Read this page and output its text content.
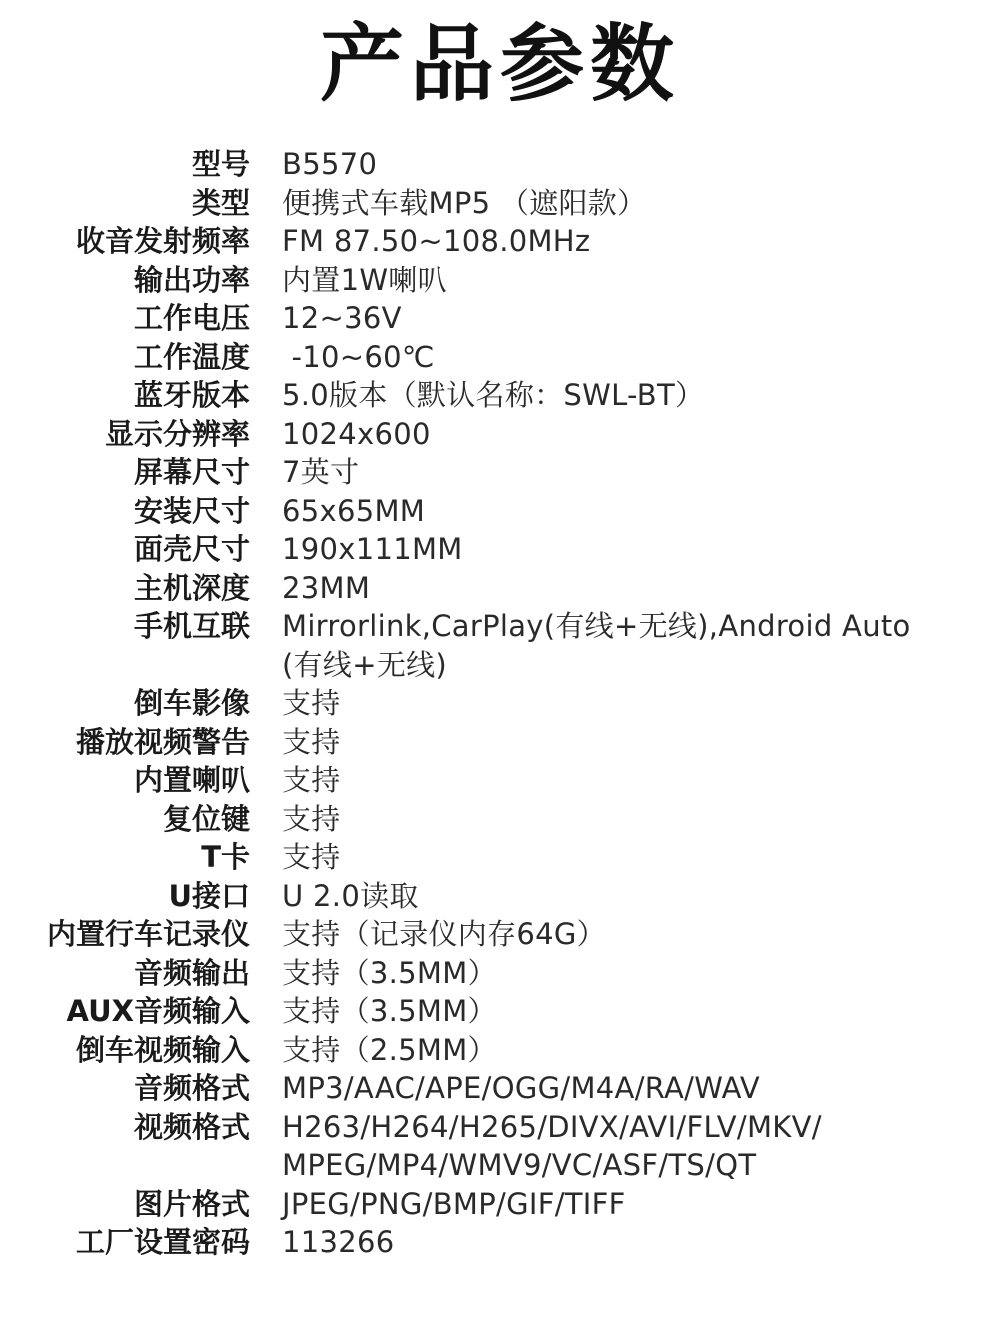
产品参数
型号 B5570
类型 便携式车载MP5 （遮阳款）
收音发射频率 FM 87.50~108.0MHz
输出功率 内置1W喇叭
工作电压 12~36V
工作温度 -10~60℃
蓝牙版本 5.0版本（默认名称：SWL-BT）
显示分辨率 1024x600
屏幕尺寸 7英寸
安装尺寸 65x65MM
面壳尺寸 190x111MM
主机深度 23MM
手机互联 Mirrorlink,CarPlay(有线+无线),Android Auto
(有线+无线)
倒车影像 支持
播放视频警告 支持
内置喇叭 支持
复位键 支持
T卡 支持
U接口 U 2.0读取
内置行车记录仪 支持（记录仪内存64G）
音频输出 支持（3.5MM）
AUX音频输入 支持（3.5MM）
倒车视频输入 支持（2.5MM）
音频格式 MP3/AAC/APE/OGG/M4A/RA/WAV
视频格式 H263/H264/H265/DIVX/AVI/FLV/MKV/
MPEG/MP4/WMV9/VC/ASF/TS/QT
图片格式 JPEG/PNG/BMP/GIF/TIFF
工厂设置密码 113266
